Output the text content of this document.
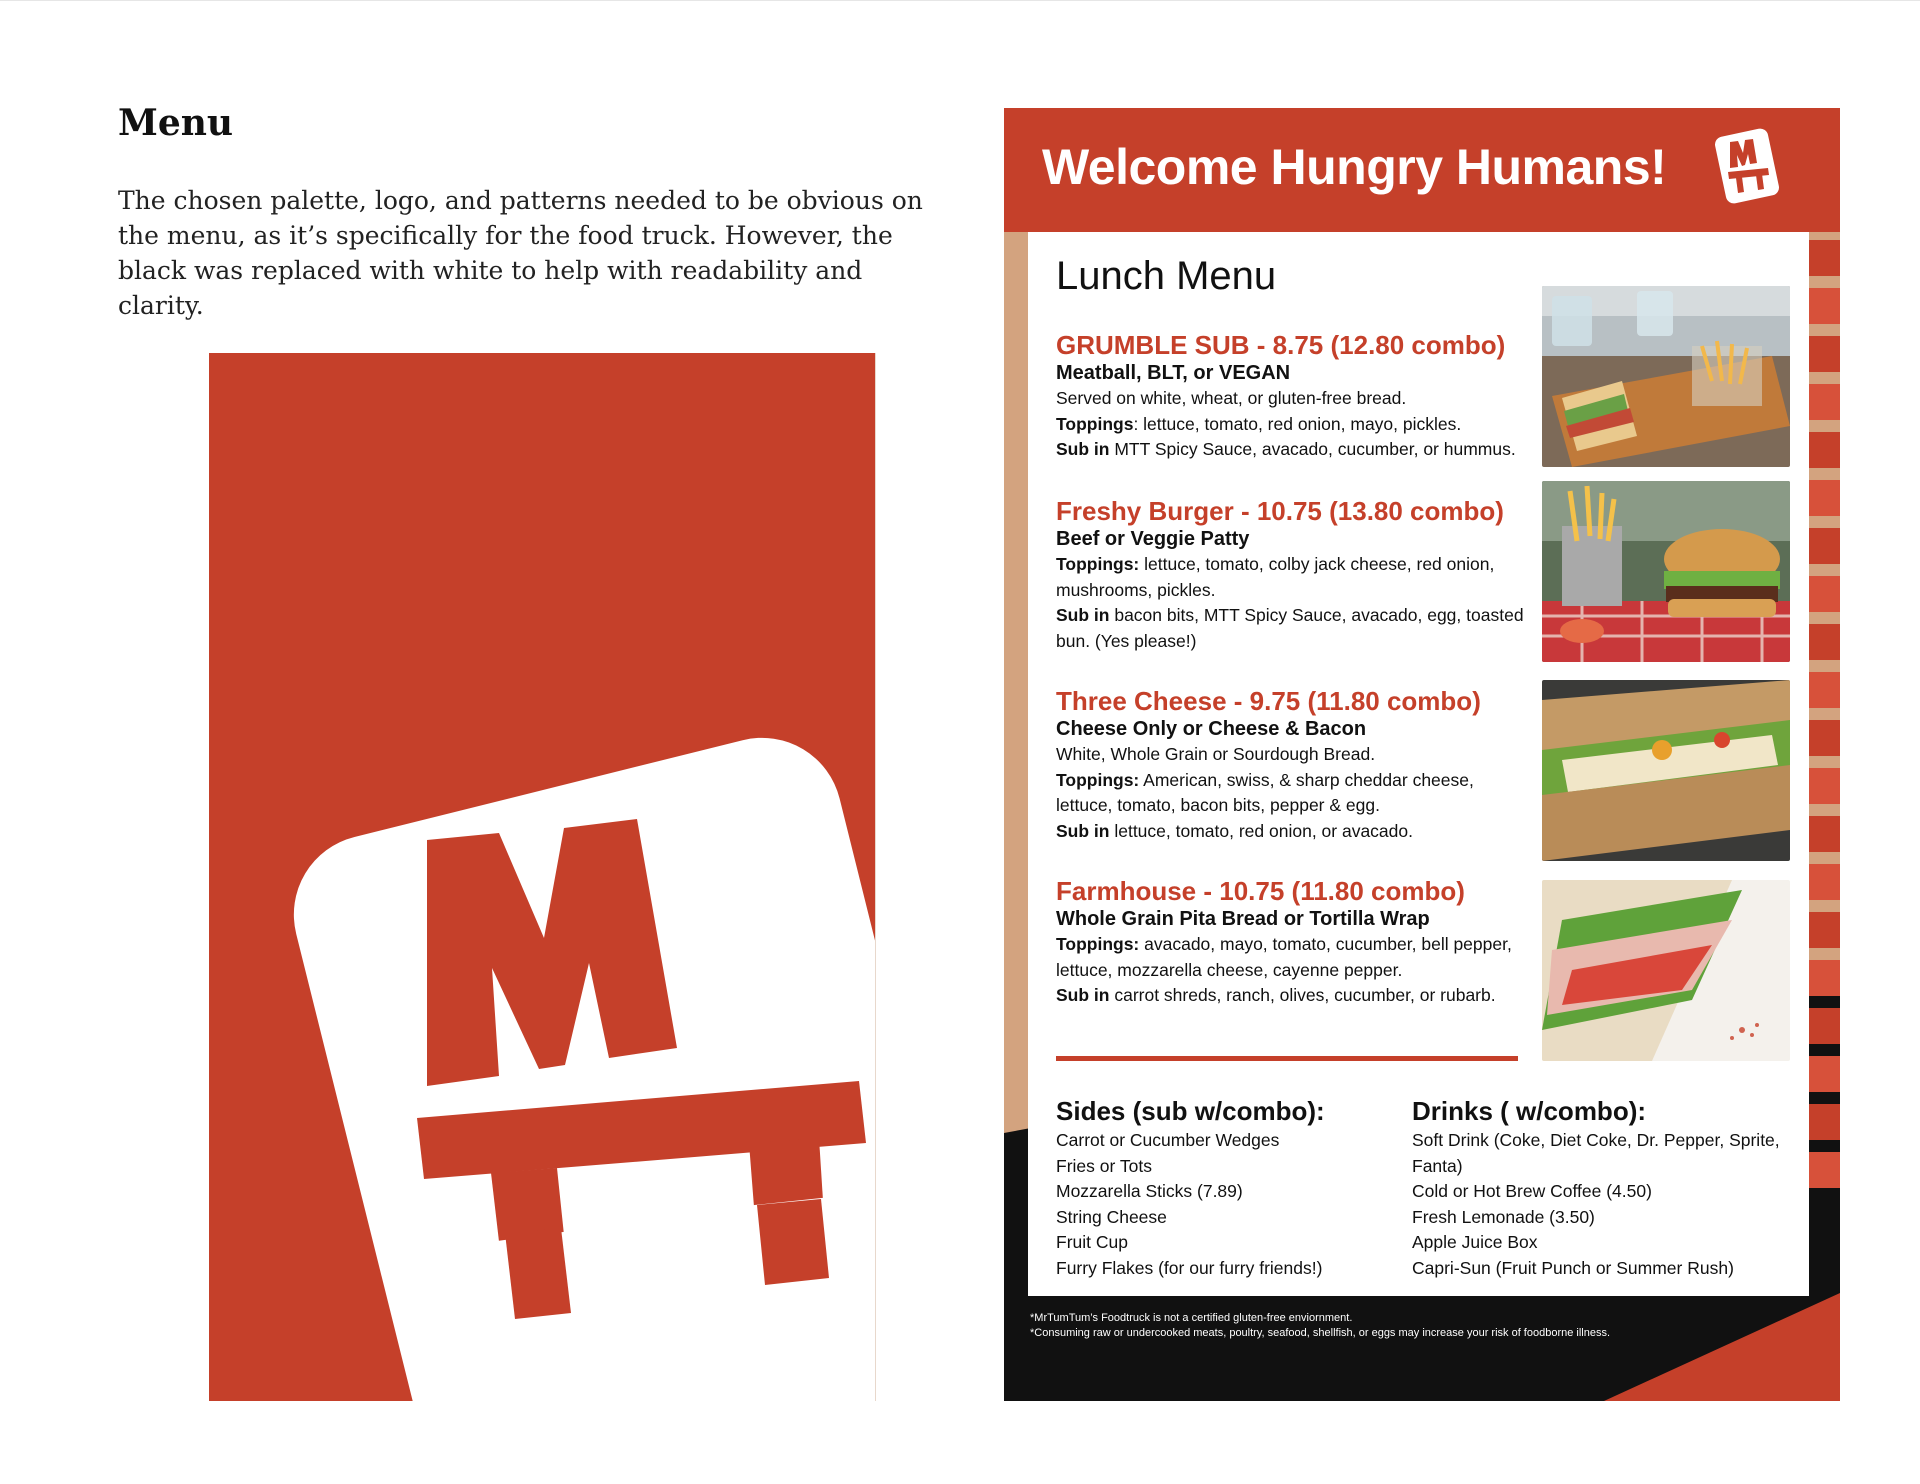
Menu
The chosen palette, logo, and patterns needed to be obvious on the menu, as it’s specifically for the food truck. However, the black was replaced with white to help with readability and clarity.
Welcome Hungry Humans!
Lunch Menu
GRUMBLE SUB - 8.75 (12.80 combo)
Meatball, BLT, or VEGAN
Served on white, wheat, or gluten-free bread.
Toppings: lettuce, tomato, red onion, mayo, pickles.
Sub in MTT Spicy Sauce, avacado, cucumber, or hummus.
Freshy Burger - 10.75 (13.80 combo)
Beef or Veggie Patty
Toppings: lettuce, tomato, colby jack cheese, red onion, mushrooms, pickles.
Sub in bacon bits, MTT Spicy Sauce, avacado, egg, toasted bun. (Yes please!)
Three Cheese - 9.75 (11.80 combo)
Cheese Only or Cheese & Bacon
White, Whole Grain or Sourdough Bread.
Toppings: American, swiss, & sharp cheddar cheese, lettuce, tomato, bacon bits, pepper & egg.
Sub in lettuce, tomato, red onion, or avacado.
Farmhouse - 10.75 (11.80 combo)
Whole Grain Pita Bread or Tortilla Wrap
Toppings: avacado, mayo, tomato, cucumber, bell pepper, lettuce, mozzarella cheese, cayenne pepper.
Sub in carrot shreds, ranch, olives, cucumber, or rubarb.
Sides (sub w/combo):
Carrot or Cucumber Wedges
Fries or Tots
Mozzarella Sticks (7.89)
String Cheese
Fruit Cup
Furry Flakes (for our furry friends!)
Drinks ( w/combo):
Soft Drink (Coke, Diet Coke, Dr. Pepper, Sprite, Fanta)
Cold or Hot Brew Coffee (4.50)
Fresh Lemonade (3.50)
Apple Juice Box
Capri-Sun (Fruit Punch or Summer Rush)
*MrTumTum’s Foodtruck is not a certified gluten-free enviornment.
*Consuming raw or undercooked meats, poultry, seafood, shellfish, or eggs may increase your risk of foodborne illness.
